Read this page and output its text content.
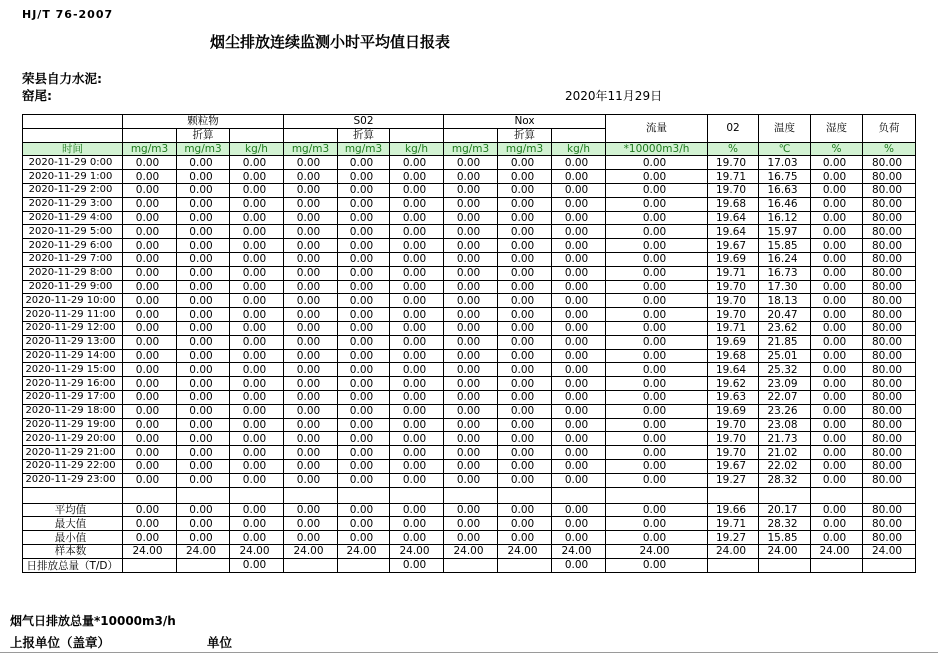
HJ/T 76-2007
烟尘排放连续监测小时平均值日报表
荣县自力水泥:
窑尾:	2020年11月29日
	颗粒物			S02			Nox			流量	02	温度	湿度	负荷
		折算			折算			折算						
时间	mg/m3	mg/m3	kg/h	mg/m3	mg/m3	kg/h	mg/m3	mg/m3	kg/h	*10000m3/h	%	℃	%	%
2020-11-29 0:00	0.00	0.00	0.00	0.00	0.00	0.00	0.00	0.00	0.00	0.00	19.70	17.03	0.00	80.00
2020-11-29 1:00	0.00	0.00	0.00	0.00	0.00	0.00	0.00	0.00	0.00	0.00	19.71	16.75	0.00	80.00
2020-11-29 2:00	0.00	0.00	0.00	0.00	0.00	0.00	0.00	0.00	0.00	0.00	19.70	16.63	0.00	80.00
2020-11-29 3:00	0.00	0.00	0.00	0.00	0.00	0.00	0.00	0.00	0.00	0.00	19.68	16.46	0.00	80.00
2020-11-29 4:00	0.00	0.00	0.00	0.00	0.00	0.00	0.00	0.00	0.00	0.00	19.64	16.12	0.00	80.00
2020-11-29 5:00	0.00	0.00	0.00	0.00	0.00	0.00	0.00	0.00	0.00	0.00	19.64	15.97	0.00	80.00
2020-11-29 6:00	0.00	0.00	0.00	0.00	0.00	0.00	0.00	0.00	0.00	0.00	19.67	15.85	0.00	80.00
2020-11-29 7:00	0.00	0.00	0.00	0.00	0.00	0.00	0.00	0.00	0.00	0.00	19.69	16.24	0.00	80.00
2020-11-29 8:00	0.00	0.00	0.00	0.00	0.00	0.00	0.00	0.00	0.00	0.00	19.71	16.73	0.00	80.00
2020-11-29 9:00	0.00	0.00	0.00	0.00	0.00	0.00	0.00	0.00	0.00	0.00	19.70	17.30	0.00	80.00
2020-11-29 10:00	0.00	0.00	0.00	0.00	0.00	0.00	0.00	0.00	0.00	0.00	19.70	18.13	0.00	80.00
2020-11-29 11:00	0.00	0.00	0.00	0.00	0.00	0.00	0.00	0.00	0.00	0.00	19.70	20.47	0.00	80.00
2020-11-29 12:00	0.00	0.00	0.00	0.00	0.00	0.00	0.00	0.00	0.00	0.00	19.71	23.62	0.00	80.00
2020-11-29 13:00	0.00	0.00	0.00	0.00	0.00	0.00	0.00	0.00	0.00	0.00	19.69	21.85	0.00	80.00
2020-11-29 14:00	0.00	0.00	0.00	0.00	0.00	0.00	0.00	0.00	0.00	0.00	19.68	25.01	0.00	80.00
2020-11-29 15:00	0.00	0.00	0.00	0.00	0.00	0.00	0.00	0.00	0.00	0.00	19.64	25.32	0.00	80.00
2020-11-29 16:00	0.00	0.00	0.00	0.00	0.00	0.00	0.00	0.00	0.00	0.00	19.62	23.09	0.00	80.00
2020-11-29 17:00	0.00	0.00	0.00	0.00	0.00	0.00	0.00	0.00	0.00	0.00	19.63	22.07	0.00	80.00
2020-11-29 18:00	0.00	0.00	0.00	0.00	0.00	0.00	0.00	0.00	0.00	0.00	19.69	23.26	0.00	80.00
2020-11-29 19:00	0.00	0.00	0.00	0.00	0.00	0.00	0.00	0.00	0.00	0.00	19.70	23.08	0.00	80.00
2020-11-29 20:00	0.00	0.00	0.00	0.00	0.00	0.00	0.00	0.00	0.00	0.00	19.70	21.73	0.00	80.00
2020-11-29 21:00	0.00	0.00	0.00	0.00	0.00	0.00	0.00	0.00	0.00	0.00	19.70	21.02	0.00	80.00
2020-11-29 22:00	0.00	0.00	0.00	0.00	0.00	0.00	0.00	0.00	0.00	0.00	19.67	22.02	0.00	80.00
2020-11-29 23:00	0.00	0.00	0.00	0.00	0.00	0.00	0.00	0.00	0.00	0.00	19.27	28.32	0.00	80.00

平均值	0.00	0.00	0.00	0.00	0.00	0.00	0.00	0.00	0.00	0.00	19.66	20.17	0.00	80.00
最大值	0.00	0.00	0.00	0.00	0.00	0.00	0.00	0.00	0.00	0.00	19.71	28.32	0.00	80.00
最小值	0.00	0.00	0.00	0.00	0.00	0.00	0.00	0.00	0.00	0.00	19.27	15.85	0.00	80.00
样本数	24.00	24.00	24.00	24.00	24.00	24.00	24.00	24.00	24.00	24.00	24.00	24.00	24.00	24.00

日排放总量（T/D）			0.00			0.00			0.00	0.00				
烟气日排放总量*10000m3/h
上报单位（盖章）	单位
